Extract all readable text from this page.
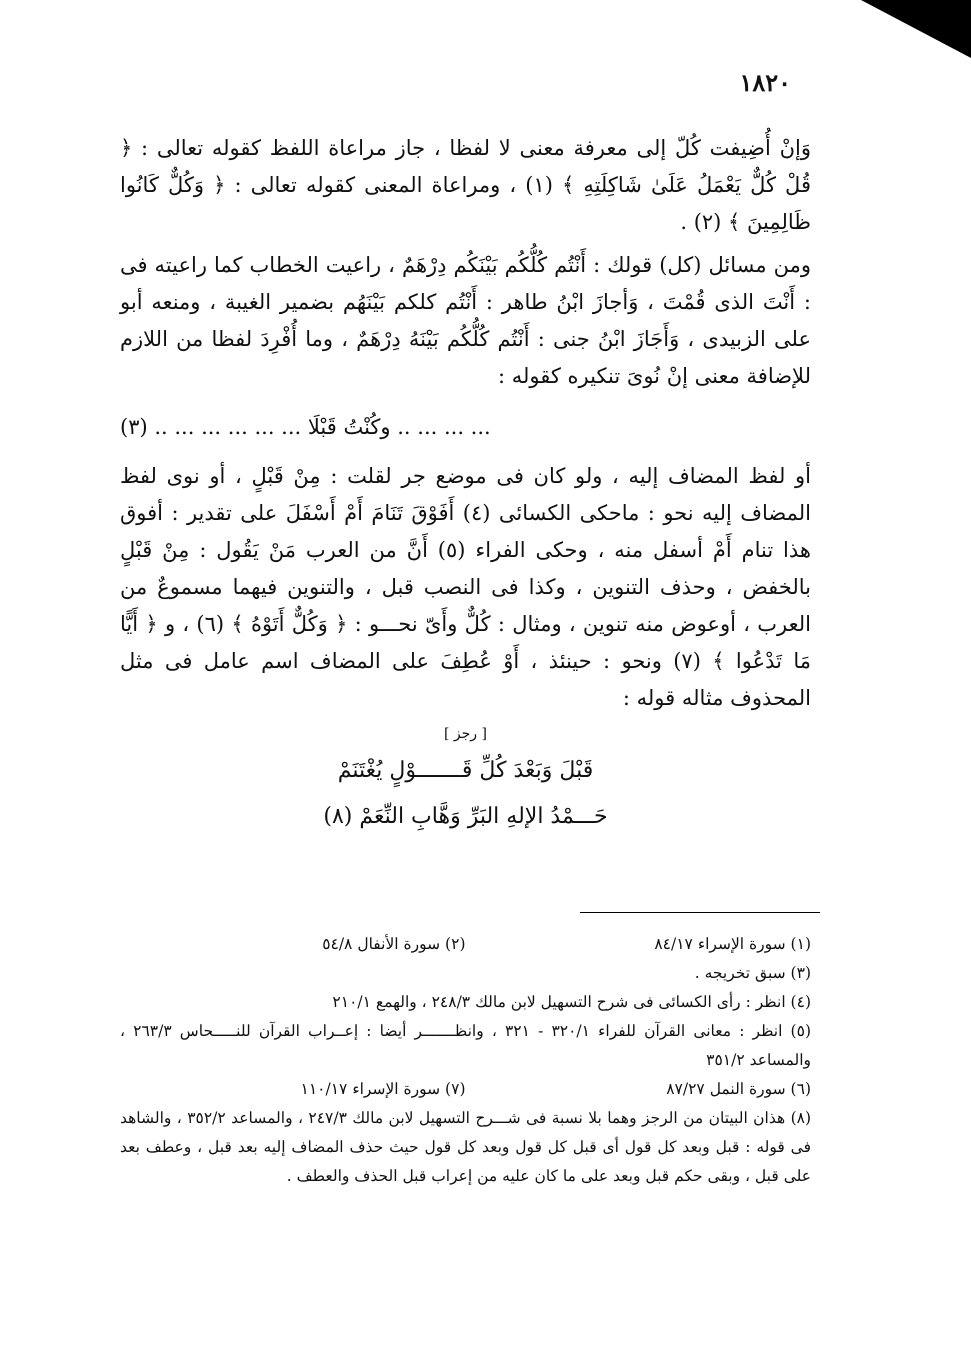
١٨٢٠

وَإنْ أُضِيفت كُلّ إلى معرفة معنى لا لفظا ، جاز مراعاة اللفظ كقوله تعالى : ﴿ قُلْ كُلٌّ يَعْمَلُ عَلَىٰ شَاكِلَتِهِ ﴾ (١) ، ومراعاة المعنى كقوله تعالى : ﴿ وَكُلٌّ كَانُوا ظَالِمِينَ ﴾ (٢) .

ومن مسائل (كل) قولك : أَنْتُم كُلُّكُم بَيْنَكُم دِرْهَمٌ ، راعيت الخطاب كما راعيته فى : أَنْتَ الذى قُمْتَ ، وَأجازَ ابْنُ طاهر : أَنْتُم كلكم بَيْنَهُم بضمير الغيبة ، ومنعه أبو على الزبيدى ، وَأَجَازَ ابْنُ جنى : أَنْتُم كُلُّكُم بَيْنَهُ دِرْهَمٌ ، وما أُفْرِدَ لفظا من اللازم للإضافة معنى إنْ نُوىَ تنكيره كقوله :

... ... ... .. وكُنْتُ قَبْلَا ... ... ... ... ... .. (٣)

أو لفظ المضاف إليه ، ولو كان فى موضع جر لقلت : مِنْ قَبْلٍ ، أو نوى لفظ المضاف إليه نحو : ماحكى الكسائى (٤) أَفَوْقَ تَنَامَ أَمْ أَسْفَلَ على تقدير : أفوق هذا تنام أَمْ أسفل منه ، وحكى الفراء (٥) أَنَّ من العرب مَنْ يَقُول : مِنْ قَبْلٍ بالخفض ، وحذف التنوين ، وكذا فى النصب قبل ، والتنوين فيهما مسموعٌ من العرب ، أوعوض منه تنوين ، ومثال : كُلٌّ وأَىّ نحـــو : ﴿ وَكُلٌّ أَتَوْهُ ﴾ (٦) ، و ﴿ أَيًّا مَا تَدْعُوا ﴾ (٧) ونحو : حينئذ ، أَوْ عُطِفَ على المضاف اسم عامل فى مثل المحذوف مثاله قوله :

[ رجز ]

قَبْلَ وَبَعْدَ كُلِّ قَـــــــوْلٍ يُغْتَنَمْ

حَـــمْدُ الإلهِ البَرِّ وَهَّابِ النِّعَمْ (٨)

(١) سورة الإسراء ٨٤/١٧
(٢) سورة الأنفال ٥٤/٨

(٣) سبق تخريجه .

(٤) انظر : رأى الكسائى فى شرح التسهيل لابن مالك ٢٤٨/٣ ، والهمع ٢١٠/١

(٥) انظر : معانى القرآن للفراء ٣٢٠/١ - ٣٢١ ، وانظـــــــر أيضا : إعــراب القرآن للنـــــحاس ٢٦٣/٣ ، والمساعد ٣٥١/٢

(٦) سورة النمل ٨٧/٢٧
(٧) سورة الإسراء ١١٠/١٧

(٨) هذان البيتان من الرجز وهما بلا نسبة فى شـــرح التسهيل لابن مالك ٢٤٧/٣ ، والمساعد ٣٥٢/٢ ، والشاهد فى قوله : قبل وبعد كل قول أى قبل كل قول وبعد كل قول حيث حذف المضاف إليه بعد قبل ، وعطف بعد على قبل ، وبقى حكم قبل وبعد على ما كان عليه من إعراب قبل الحذف والعطف .
